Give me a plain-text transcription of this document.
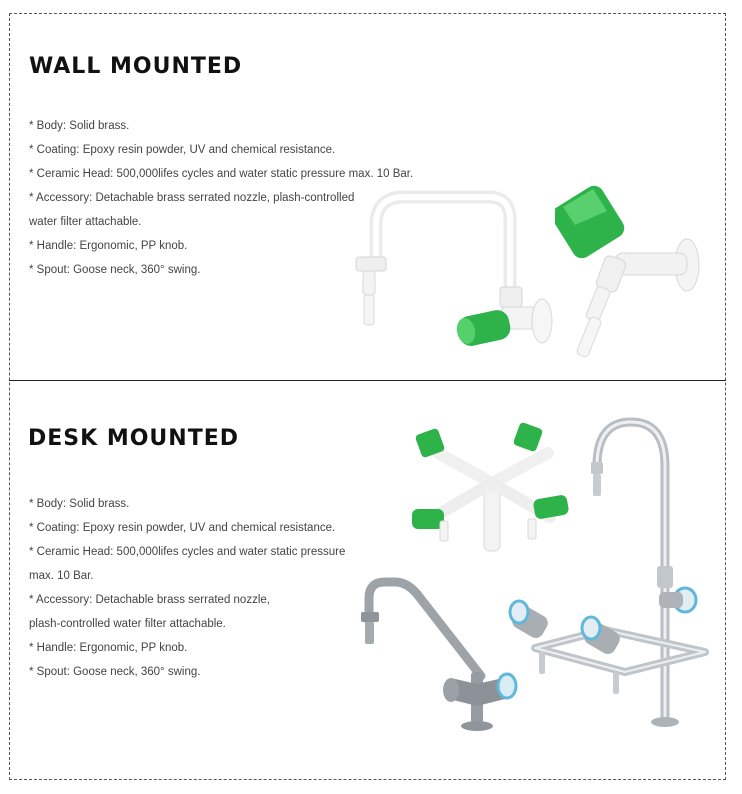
WALL MOUNTED
* Body: Solid brass.
* Coating: Epoxy resin powder, UV and chemical resistance.
* Ceramic Head: 500,000lifes cycles and water static pressure max. 10 Bar.
* Accessory: Detachable brass serrated nozzle, plash-controlled
water filter attachable.
* Handle: Ergonomic, PP knob.
* Spout: Goose neck, 360° swing.
DESK MOUNTED
* Body: Solid brass.
* Coating: Epoxy resin powder, UV and chemical resistance.
* Ceramic Head: 500,000lifes cycles and water static pressure
max. 10 Bar.
* Accessory: Detachable brass serrated nozzle,
plash-controlled water filter attachable.
* Handle: Ergonomic, PP knob.
* Spout: Goose neck, 360° swing.
